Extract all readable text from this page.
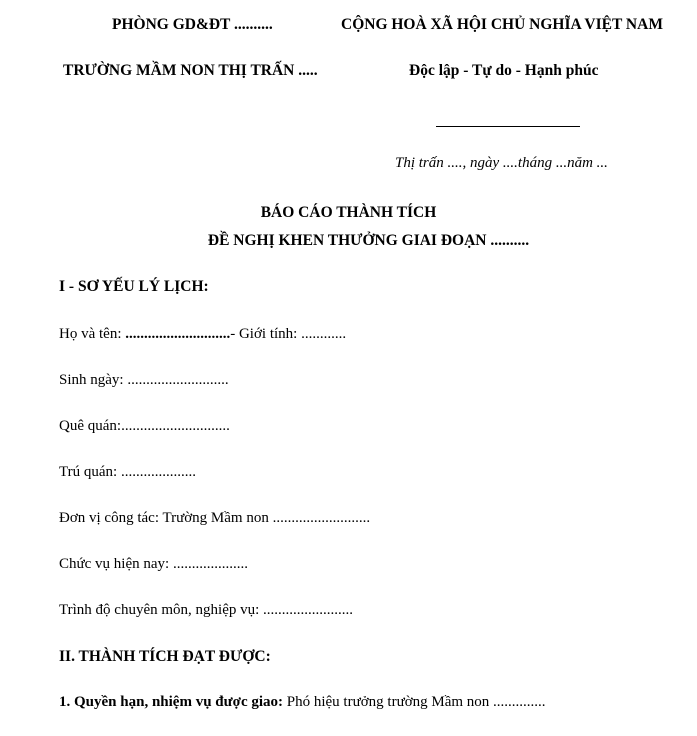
PHÒNG GD&ĐT ..........	CỘNG HOÀ XÃ HỘI CHỦ NGHĨA VIỆT NAM
TRƯỜNG MẦM NON THỊ TRẤN .....	Độc lập - Tự do - Hạnh phúc
Thị trấn ...., ngày ....tháng ...năm ...
BÁO CÁO THÀNH TÍCH
ĐỀ NGHỊ KHEN THƯỞNG GIAI ĐOẠN ..........
I - SƠ YẾU LÝ LỊCH:
Họ và tên: ............................- Giới tính: ............
Sinh ngày: ...........................
Quê quán:.............................
Trú quán: ....................
Đơn vị công tác: Trường Mầm non ..........................
Chức vụ hiện nay: ....................
Trình độ chuyên môn, nghiệp vụ: ........................
II. THÀNH TÍCH ĐẠT ĐƯỢC:
1. Quyền hạn, nhiệm vụ được giao: Phó hiệu trưởng trường Mầm non ..............
